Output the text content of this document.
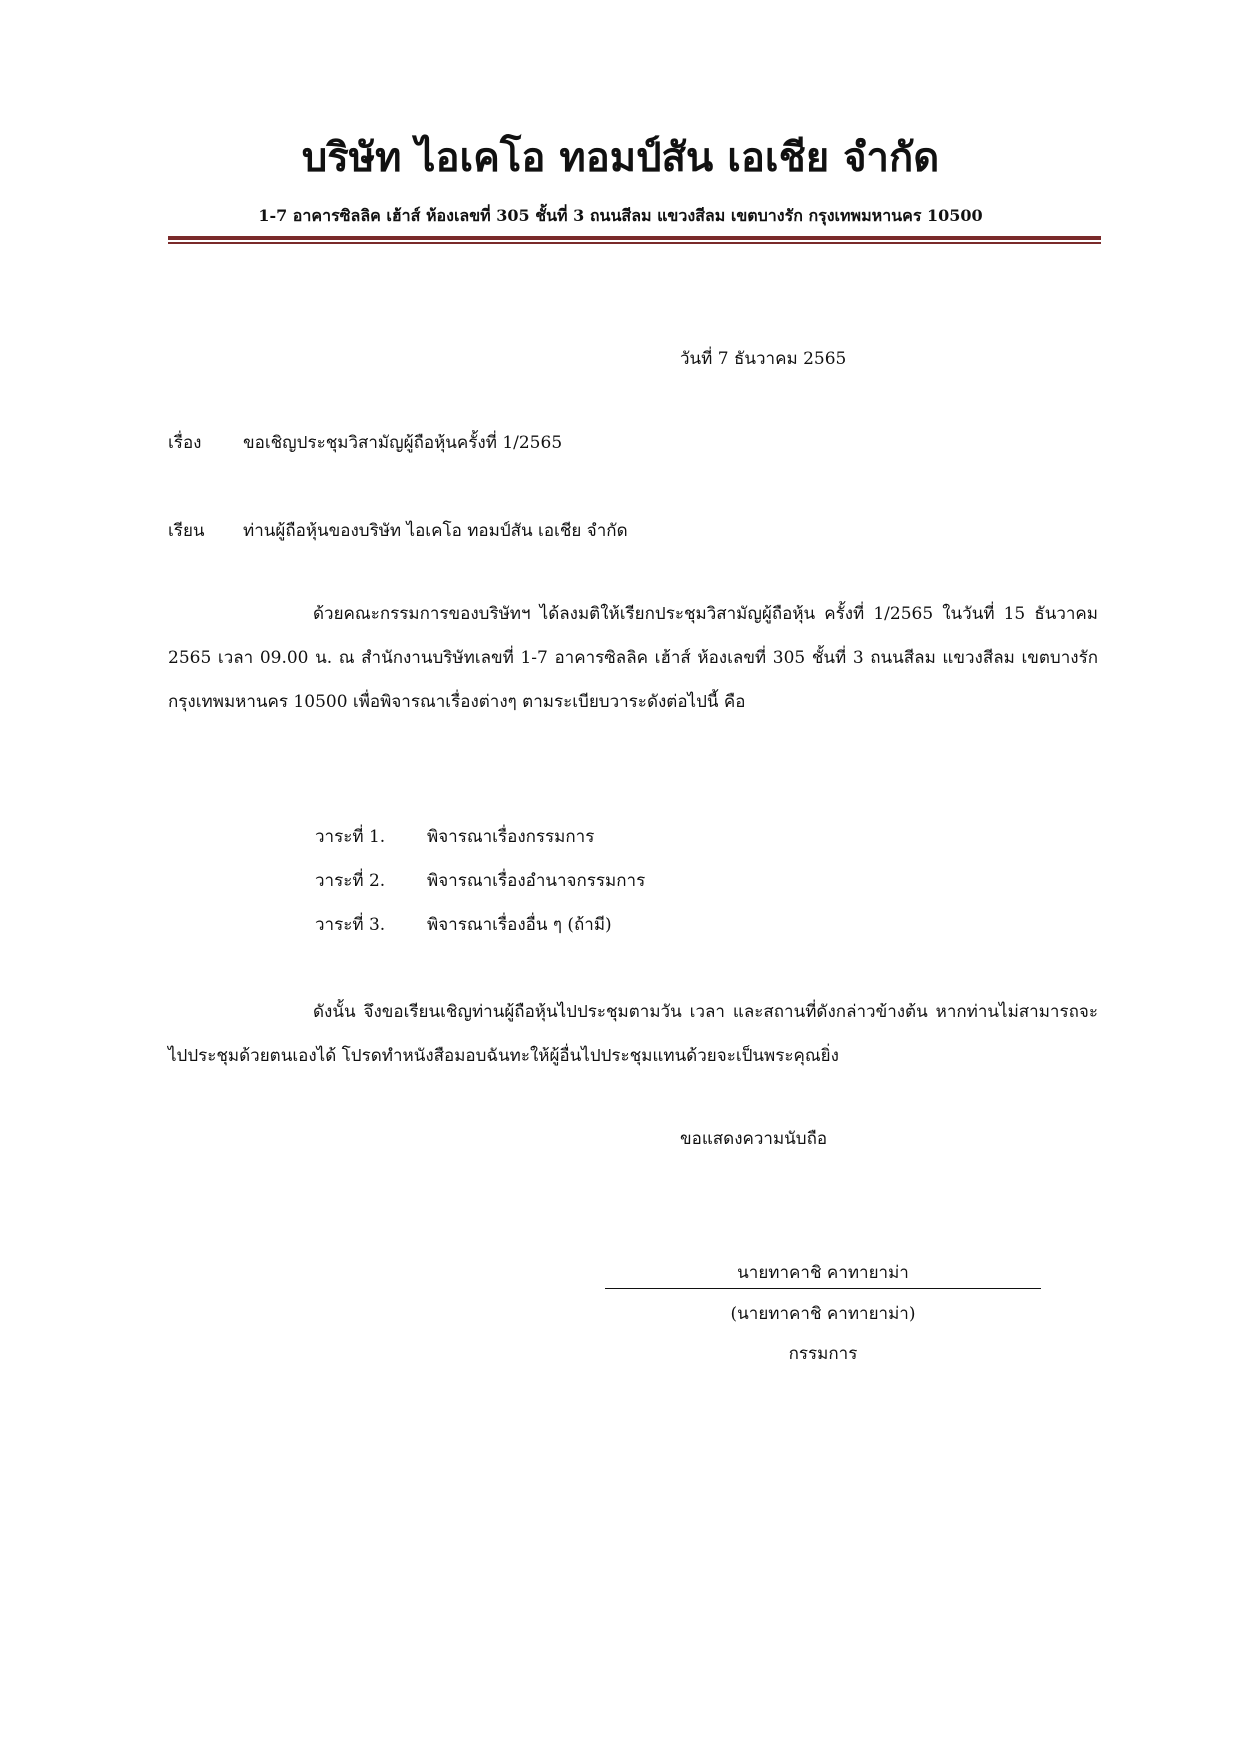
บริษัท ไอเคโอ ทอมป์สัน เอเชีย จำกัด
1-7 อาคารซิลลิค เฮ้าส์ ห้องเลขที่ 305 ชั้นที่ 3 ถนนสีลม แขวงสีลม เขตบางรัก กรุงเทพมหานคร 10500
วันที่ 7 ธันวาคม 2565
เรื่อง ขอเชิญประชุมวิสามัญผู้ถือหุ้นครั้งที่ 1/2565
เรียน ท่านผู้ถือหุ้นของบริษัท ไอเคโอ ทอมป์สัน เอเชีย จำกัด
ด้วยคณะกรรมการของบริษัทฯ ได้ลงมติให้เรียกประชุมวิสามัญผู้ถือหุ้น ครั้งที่ 1/2565 ในวันที่ 15 ธันวาคม 2565 เวลา 09.00 น. ณ สำนักงานบริษัทเลขที่ 1-7 อาคารซิลลิค เฮ้าส์ ห้องเลขที่ 305 ชั้นที่ 3 ถนนสีลม แขวงสีลม เขตบางรัก กรุงเทพมหานคร 10500 เพื่อพิจารณาเรื่องต่างๆ ตามระเบียบวาระดังต่อไปนี้ คือ
วาระที่ 1. พิจารณาเรื่องกรรมการ
วาระที่ 2. พิจารณาเรื่องอำนาจกรรมการ
วาระที่ 3. พิจารณาเรื่องอื่น ๆ (ถ้ามี)
ดังนั้น จึงขอเรียนเชิญท่านผู้ถือหุ้นไปประชุมตามวัน เวลา และสถานที่ดังกล่าวข้างต้น หากท่านไม่สามารถจะไปประชุมด้วยตนเองได้ โปรดทำหนังสือมอบฉันทะให้ผู้อื่นไปประชุมแทนด้วยจะเป็นพระคุณยิ่ง
ขอแสดงความนับถือ
นายทาคาชิ คาทายาม่า
(นายทาคาชิ คาทายาม่า)
กรรมการ
